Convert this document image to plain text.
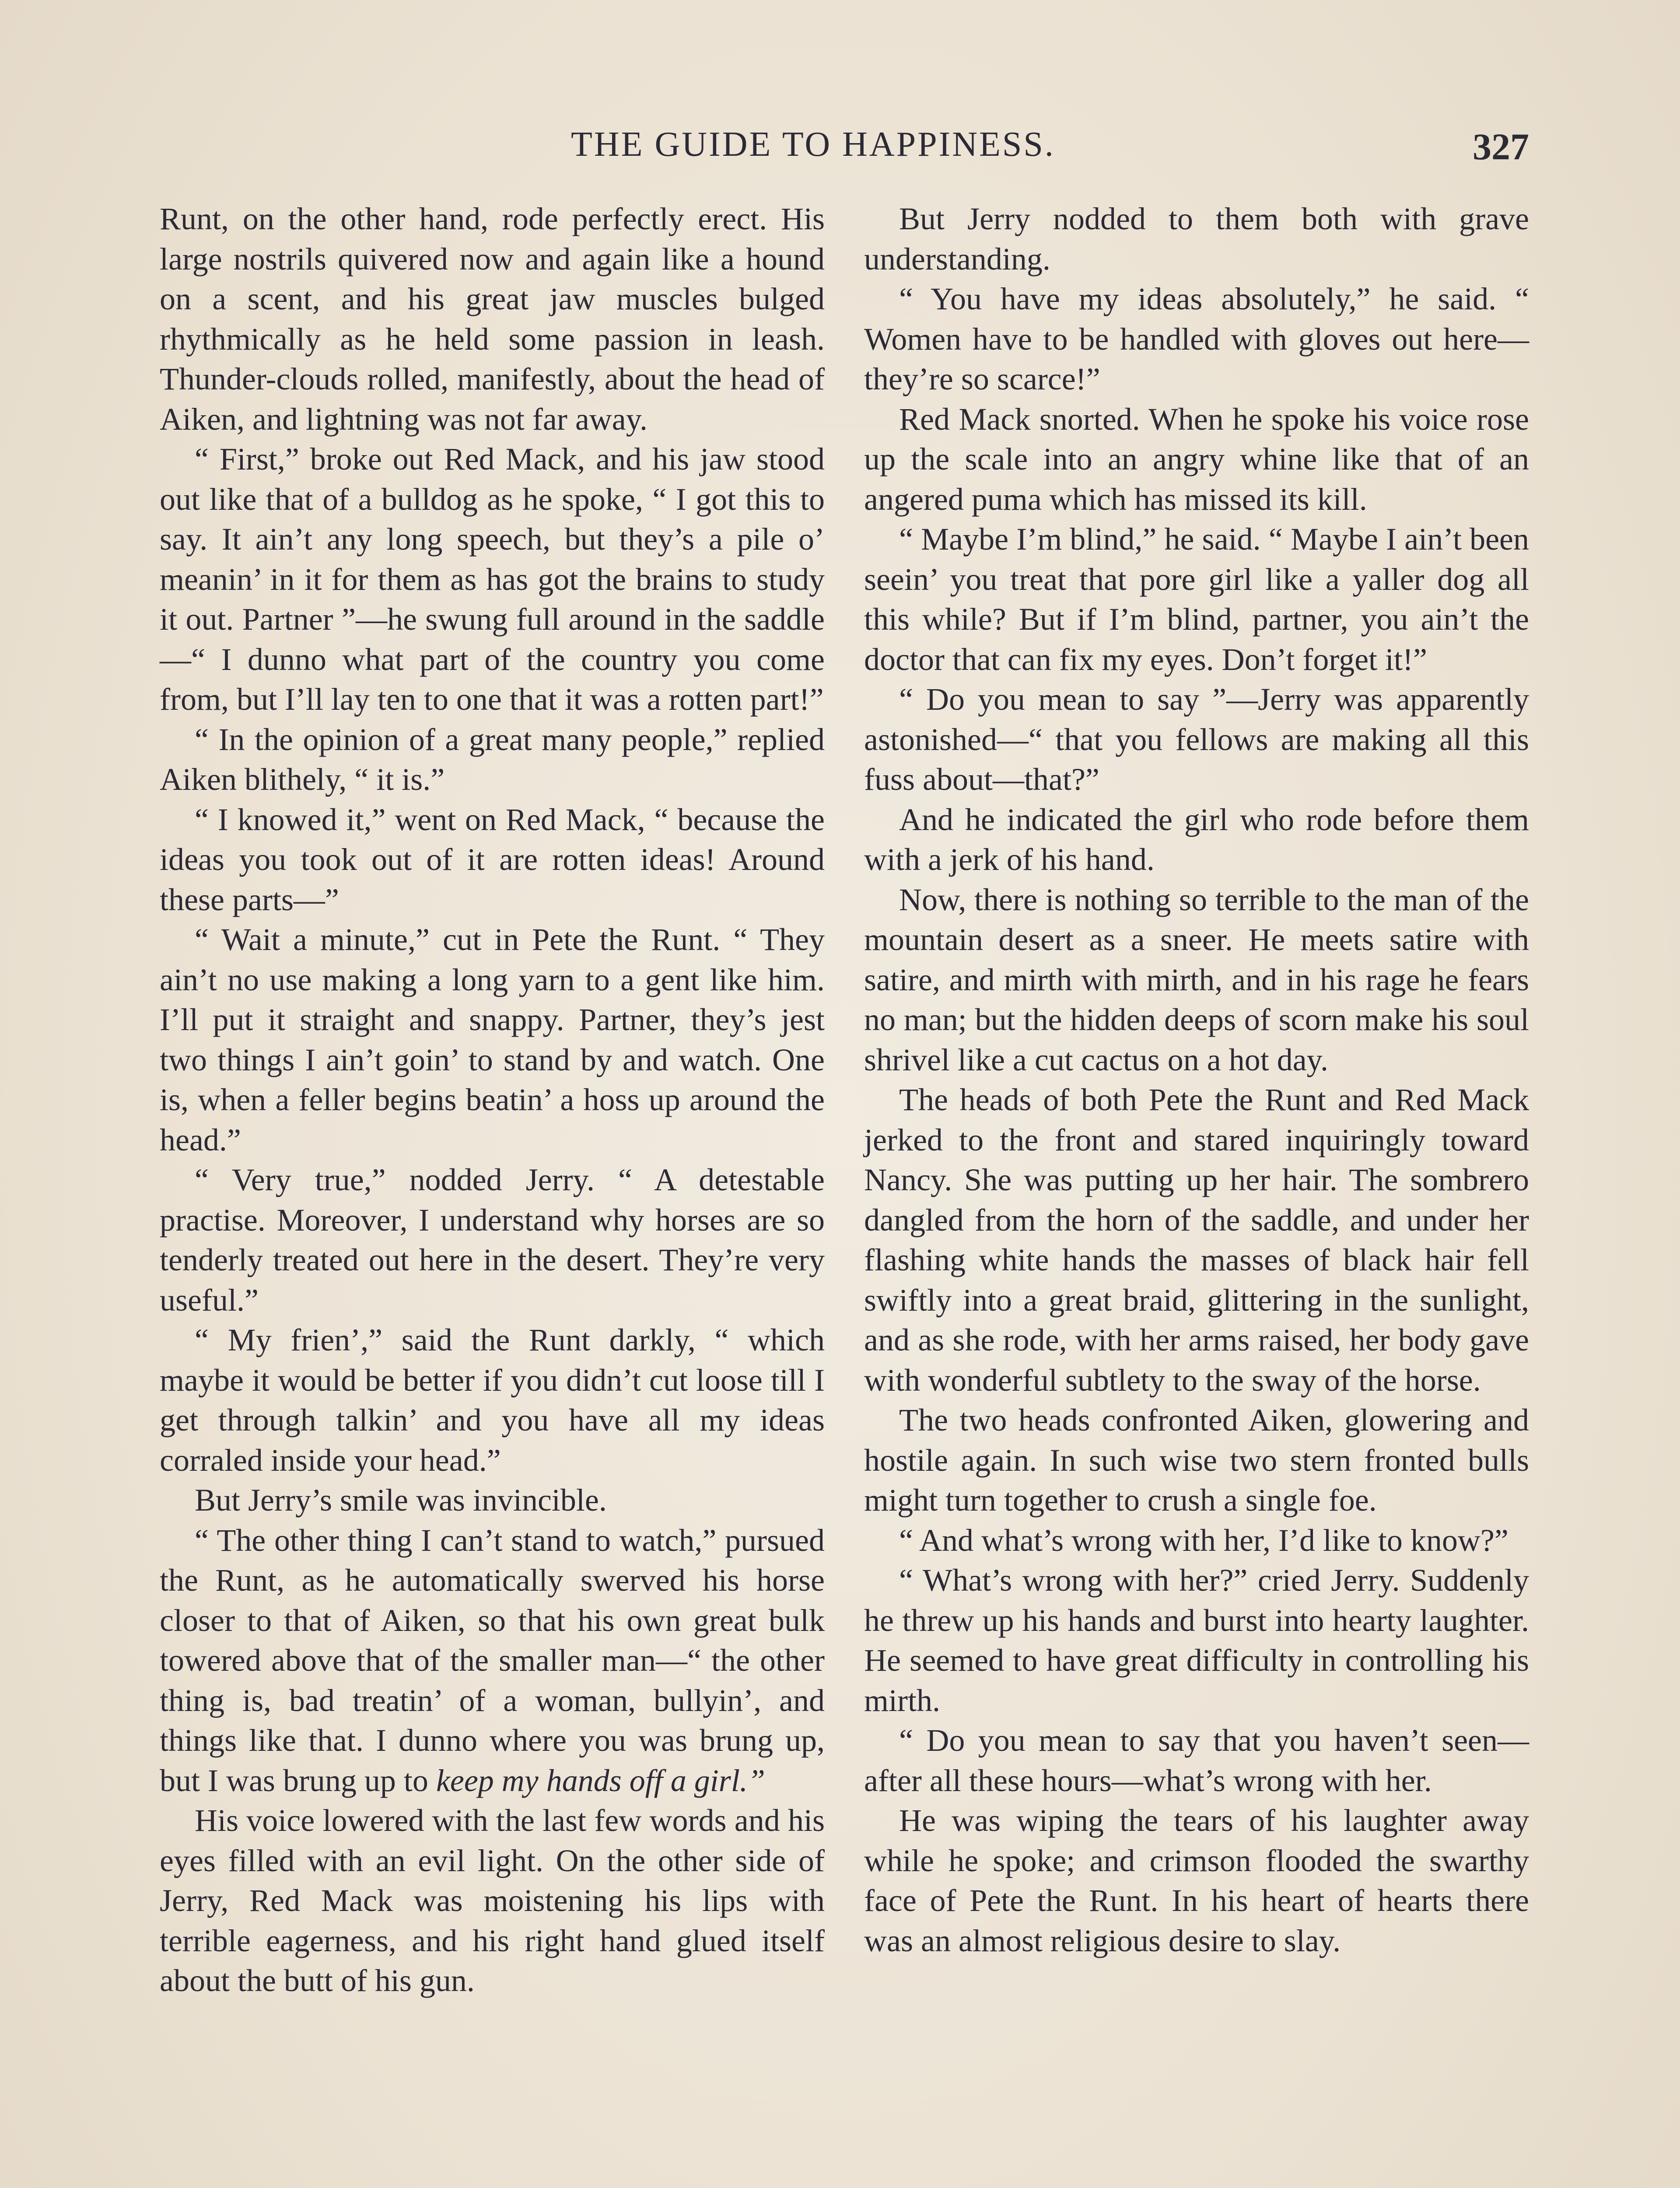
THE GUIDE TO HAPPINESS.	327

Runt, on the other hand, rode perfectly erect. His large nostrils quivered now and again like a hound on a scent, and his great jaw muscles bulged rhythmically as he held some passion in leash. Thunder-clouds rolled, manifestly, about the head of Aiken, and lightning was not far away.

“ First,” broke out Red Mack, and his jaw stood out like that of a bulldog as he spoke, “ I got this to say. It ain’t any long speech, but they’s a pile o’ meanin’ in it for them as has got the brains to study it out. Partner ”—he swung full around in the saddle—“ I dunno what part of the country you come from, but I’ll lay ten to one that it was a rotten part!”

“ In the opinion of a great many people,” replied Aiken blithely, “ it is.”

“ I knowed it,” went on Red Mack, “ because the ideas you took out of it are rotten ideas! Around these parts—”

“ Wait a minute,” cut in Pete the Runt. “ They ain’t no use making a long yarn to a gent like him. I’ll put it straight and snappy. Partner, they’s jest two things I ain’t goin’ to stand by and watch. One is, when a feller begins beatin’ a hoss up around the head.”

“ Very true,” nodded Jerry. “ A detestable practise. Moreover, I understand why horses are so tenderly treated out here in the desert. They’re very useful.”

“ My frien’,” said the Runt darkly, “ which maybe it would be better if you didn’t cut loose till I get through talkin’ and you have all my ideas corraled inside your head.”

But Jerry’s smile was invincible.

“ The other thing I can’t stand to watch,” pursued the Runt, as he automatically swerved his horse closer to that of Aiken, so that his own great bulk towered above that of the smaller man—“ the other thing is, bad treatin’ of a woman, bullyin’, and things like that. I dunno where you was brung up, but I was brung up to keep my hands off a girl.”

His voice lowered with the last few words and his eyes filled with an evil light. On the other side of Jerry, Red Mack was moistening his lips with terrible eagerness, and his right hand glued itself about the butt of his gun.

But Jerry nodded to them both with grave understanding.

“ You have my ideas absolutely,” he said. “ Women have to be handled with gloves out here—they’re so scarce!”

Red Mack snorted. When he spoke his voice rose up the scale into an angry whine like that of an angered puma which has missed its kill.

“ Maybe I’m blind,” he said. “ Maybe I ain’t been seein’ you treat that pore girl like a yaller dog all this while? But if I’m blind, partner, you ain’t the doctor that can fix my eyes. Don’t forget it!”

“ Do you mean to say ”—Jerry was apparently astonished—“ that you fellows are making all this fuss about—that?”

And he indicated the girl who rode before them with a jerk of his hand.

Now, there is nothing so terrible to the man of the mountain desert as a sneer. He meets satire with satire, and mirth with mirth, and in his rage he fears no man; but the hidden deeps of scorn make his soul shrivel like a cut cactus on a hot day.

The heads of both Pete the Runt and Red Mack jerked to the front and stared inquiringly toward Nancy. She was putting up her hair. The sombrero dangled from the horn of the saddle, and under her flashing white hands the masses of black hair fell swiftly into a great braid, glittering in the sunlight, and as she rode, with her arms raised, her body gave with wonderful subtlety to the sway of the horse.

The two heads confronted Aiken, glowering and hostile again. In such wise two stern fronted bulls might turn together to crush a single foe.

“ And what’s wrong with her, I’d like to know?”

“ What’s wrong with her?” cried Jerry. Suddenly he threw up his hands and burst into hearty laughter. He seemed to have great difficulty in controlling his mirth.

“ Do you mean to say that you haven’t seen—after all these hours—what’s wrong with her.

He was wiping the tears of his laughter away while he spoke; and crimson flooded the swarthy face of Pete the Runt. In his heart of hearts there was an almost religious desire to slay.
